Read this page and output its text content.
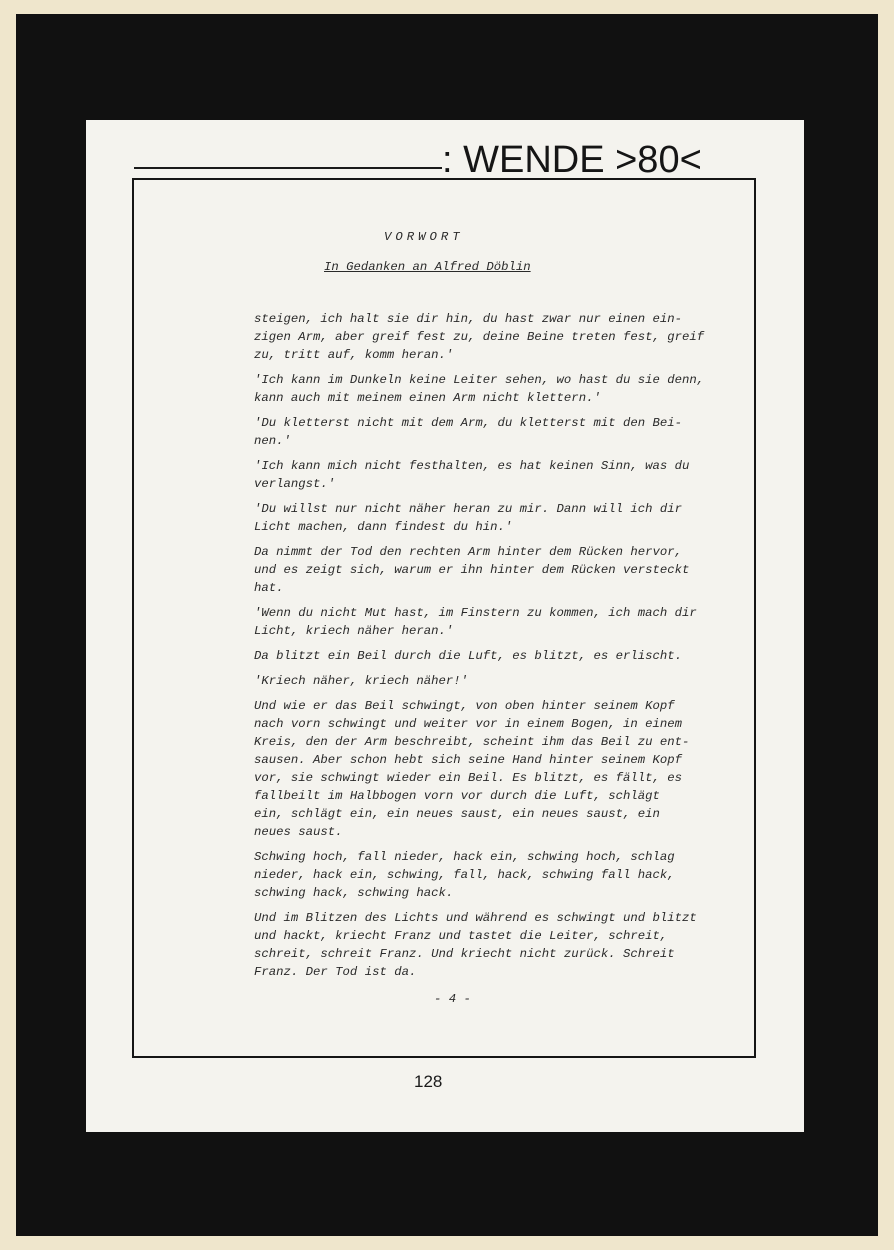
: WENDE >80<
VORWORT
In Gedanken an Alfred Döblin

steigen, ich halt sie dir hin, du hast zwar nur einen ein-
zigen Arm, aber greif fest zu, deine Beine treten fest, greif
zu, tritt auf, komm heran.'

'Ich kann im Dunkeln keine Leiter sehen, wo hast du sie denn,
kann auch mit meinem einen Arm nicht klettern.'

'Du kletterst nicht mit dem Arm, du kletterst mit den Bei-
nen.'

'Ich kann mich nicht festhalten, es hat keinen Sinn, was du
verlangst.'

'Du willst nur nicht näher heran zu mir. Dann will ich dir
Licht machen, dann findest du hin.'

Da nimmt der Tod den rechten Arm hinter dem Rücken hervor,
und es zeigt sich, warum er ihn hinter dem Rücken versteckt
hat.

'Wenn du nicht Mut hast, im Finstern zu kommen, ich mach dir
Licht, kriech näher heran.'

Da blitzt ein Beil durch die Luft, es blitzt, es erlischt.

'Kriech näher, kriech näher!'

Und wie er das Beil schwingt, von oben hinter seinem Kopf
nach vorn schwingt und weiter vor in einem Bogen, in einem
Kreis, den der Arm beschreibt, scheint ihm das Beil zu ent-
sausen. Aber schon hebt sich seine Hand hinter seinem Kopf
vor, sie schwingt wieder ein Beil. Es blitzt, es fällt, es
fallbeilt im Halbbogen vorn vor durch die Luft, schlägt
ein, schlägt ein, ein neues saust, ein neues saust, ein
neues saust.

Schwing hoch, fall nieder, hack ein, schwing hoch, schlag
nieder, hack ein, schwing, fall, hack, schwing fall hack,
schwing hack, schwing hack.

Und im Blitzen des Lichts und während es schwingt und blitzt
und hackt, kriecht Franz und tastet die Leiter, schreit,
schreit, schreit Franz. Und kriecht nicht zurück. Schreit
Franz. Der Tod ist da.

- 4 -
128
